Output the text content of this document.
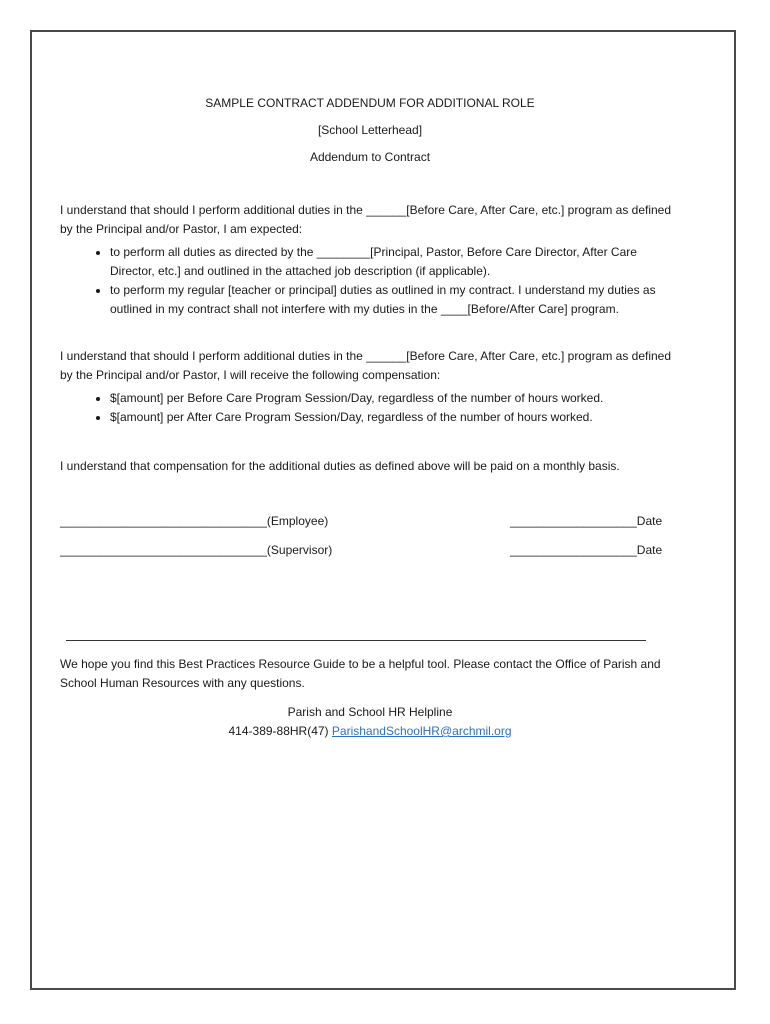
SAMPLE CONTRACT ADDENDUM FOR ADDITIONAL ROLE
[School Letterhead]
Addendum to Contract

I understand that should I perform additional duties in the ______[Before Care, After Care, etc.] program as defined by the Principal and/or Pastor, I am expected:

• to perform all duties as directed by the ________[Principal, Pastor, Before Care Director, After Care Director, etc.] and outlined in the attached job description (if applicable).
• to perform my regular [teacher or principal] duties as outlined in my contract. I understand my duties as outlined in my contract shall not interfere with my duties in the ____[Before/After Care] program.

I understand that should I perform additional duties in the ______[Before Care, After Care, etc.] program as defined by the Principal and/or Pastor, I will receive the following compensation:

• $[amount] per Before Care Program Session/Day, regardless of the number of hours worked.
• $[amount] per After Care Program Session/Day, regardless of the number of hours worked.

I understand that compensation for the additional duties as defined above will be paid on a monthly basis.

_______________________________(Employee)	___________________Date
_______________________________(Supervisor)	___________________Date

We hope you find this Best Practices Resource Guide to be a helpful tool. Please contact the Office of Parish and School Human Resources with any questions.

Parish and School HR Helpline
414-389-88HR(47) ParishandSchoolHR@archmil.org
